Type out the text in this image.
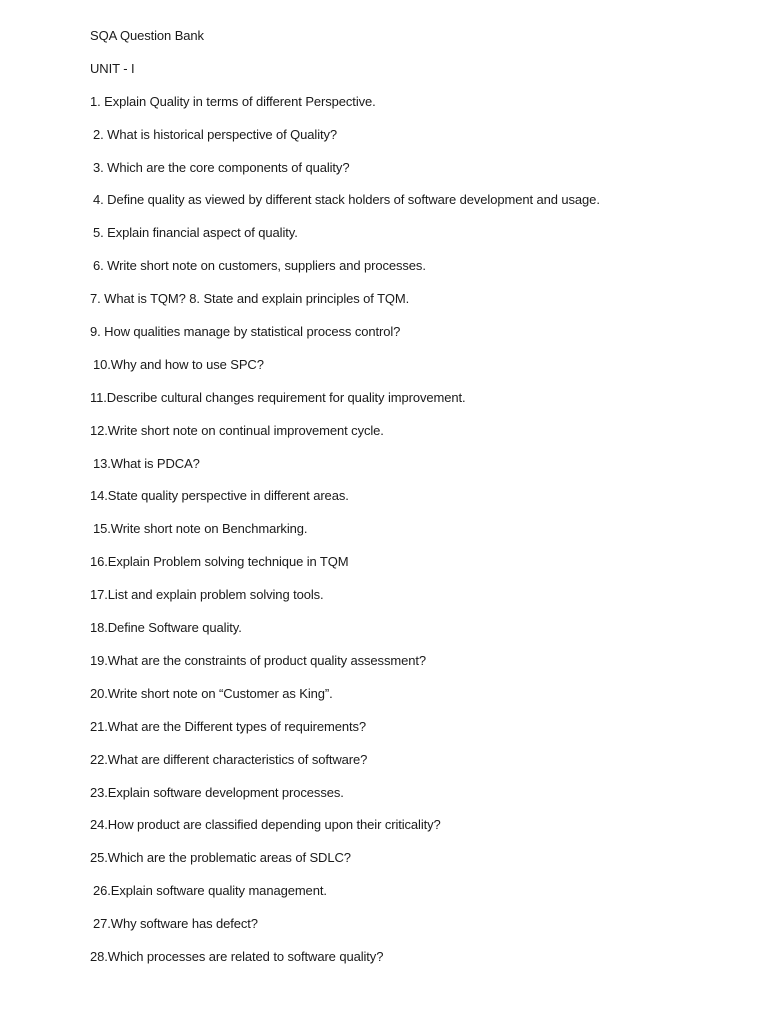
SQA Question Bank

UNIT - I

1. Explain Quality in terms of different Perspective.

2. What is historical perspective of Quality?

3. Which are the core components of quality?

4. Define quality as viewed by different stack holders of software development and usage.

5. Explain financial aspect of quality.

6. Write short note on customers, suppliers and processes.

7. What is TQM? 8. State and explain principles of TQM.

9. How qualities manage by statistical process control?

10.Why and how to use SPC?

11.Describe cultural changes requirement for quality improvement.

12.Write short note on continual improvement cycle.

13.What is PDCA?

14.State quality perspective in different areas.

15.Write short note on Benchmarking.

16.Explain Problem solving technique in TQM

17.List and explain problem solving tools.

18.Define Software quality.

19.What are the constraints of product quality assessment?

20.Write short note on “Customer as King”.

21.What are the Different types of requirements?

22.What are different characteristics of software?

23.Explain software development processes.

24.How product are classified depending upon their criticality?

25.Which are the problematic areas of SDLC?

26.Explain software quality management.

27.Why software has defect?

28.Which processes are related to software quality?
